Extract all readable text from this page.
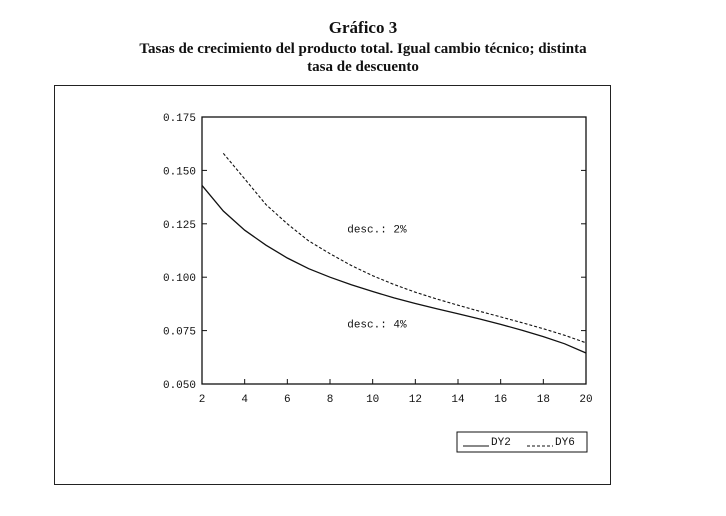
Gráfico 3
Tasas de crecimiento del producto total. Igual cambio técnico; distinta
tasa de descuento
0.050
0.075
0.100
0.125
0.150
0.175
2	4	6	8	10	12	14	16	18	20
desc.: 2%
desc.: 4%
DY2	DY6
